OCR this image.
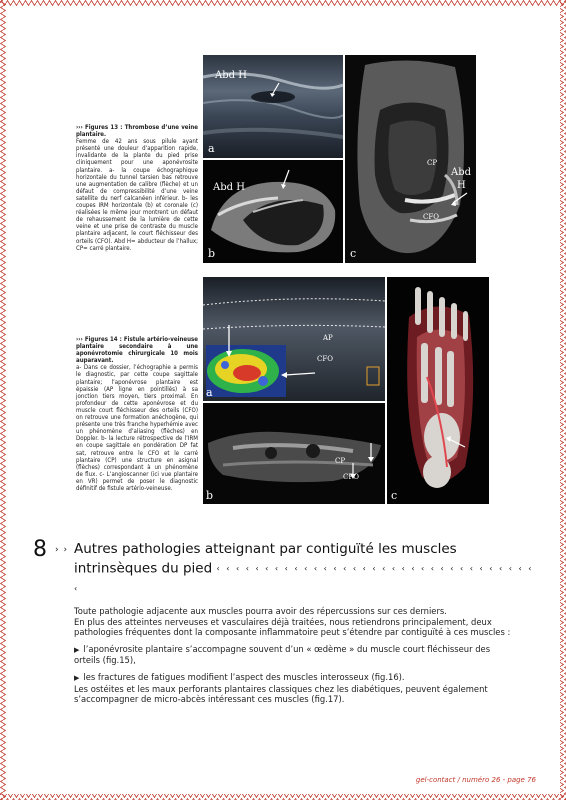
››› Figures 13 : Thrombose d’une veine plantaire.

Femme de 42 ans sous pilule ayant présenté une douleur d’apparition rapide, invalidante de la plante du pied prise cliniquement pour une aponévrosite plantaire. a- la coupe échographique horizontale du tunnel tarsien bas retrouve une augmentation de calibre (flèche) et un défaut de compressibilité d’une veine satellite du nerf calcanéen inférieur. b- les coupes IRM horizontale (b) et coronale (c) réalisées le même jour montrent un défaut de rehaussement de la lumière de cette veine et une prise de contraste du muscle plantaire adjacent, le court fléchisseur des orteils (CFO). Abd H= abducteur de l’hallux; CP= carré plantaire.

Abd H
a
Abd H
b
CP
Abd
H
CFO
c

››› Figures 14 : Fistule artério-veineuse plantaire secondaire à une aponévrotomie chirurgicale 10 mois auparavant.

a- Dans ce dossier, l’échographie a permis le diagnostic, par cette coupe sagittale plantaire; l’aponévrose plantaire est épaissie (AP ligne en pointillés) à sa jonction tiers moyen, tiers proximal. En profondeur de cette aponévrose et du muscle court fléchisseur des orteils (CFO) on retrouve une formation anéchogène, qui présente une très franche hyperhémie avec un phénomène d’aliasing (flèches) en Doppler. b- la lecture rétrospective de l’IRM en coupe sagittale en pondération DP fat sat, retrouve entre le CFO et le carré plantaire (CP) une structure en asignal (flèches) correspondant à un phénomène de flux. c- L’angioscanner (ici vue plantaire en VR) permet de poser le diagnostic définitif de fistule artério-veineuse.

AP
CFO
a
CP
CFO
b	c
8 › › Autres pathologies atteignant par contiguïté les muscles intrinsèques du pied ‹ ‹ ‹ ‹ ‹ ‹ ‹ ‹ ‹ ‹ ‹ ‹ ‹ ‹ ‹ ‹ ‹ ‹ ‹ ‹ ‹ ‹ ‹ ‹ ‹ ‹ ‹ ‹ ‹ ‹ ‹ ‹ ‹ ‹

Toute pathologie adjacente aux muscles pourra avoir des répercussions sur ces derniers.

En plus des atteintes nerveuses et vasculaires déjà traitées, nous retiendrons principalement, deux pathologies fréquentes dont la composante inflammatoire peut s’étendre par contiguïté à ces muscles :

▶ l’aponévrosite plantaire s’accompagne souvent d’un « œdème » du muscle court fléchisseur des orteils (fig.15),

▶ les fractures de fatigues modifient l’aspect des muscles interosseux (fig.16).

Les ostéites et les maux perforants plantaires classiques chez les diabétiques, peuvent également s’accompagner de micro-abcès intéressant ces muscles (fig.17).

gel-contact / numéro 26 - page 76
